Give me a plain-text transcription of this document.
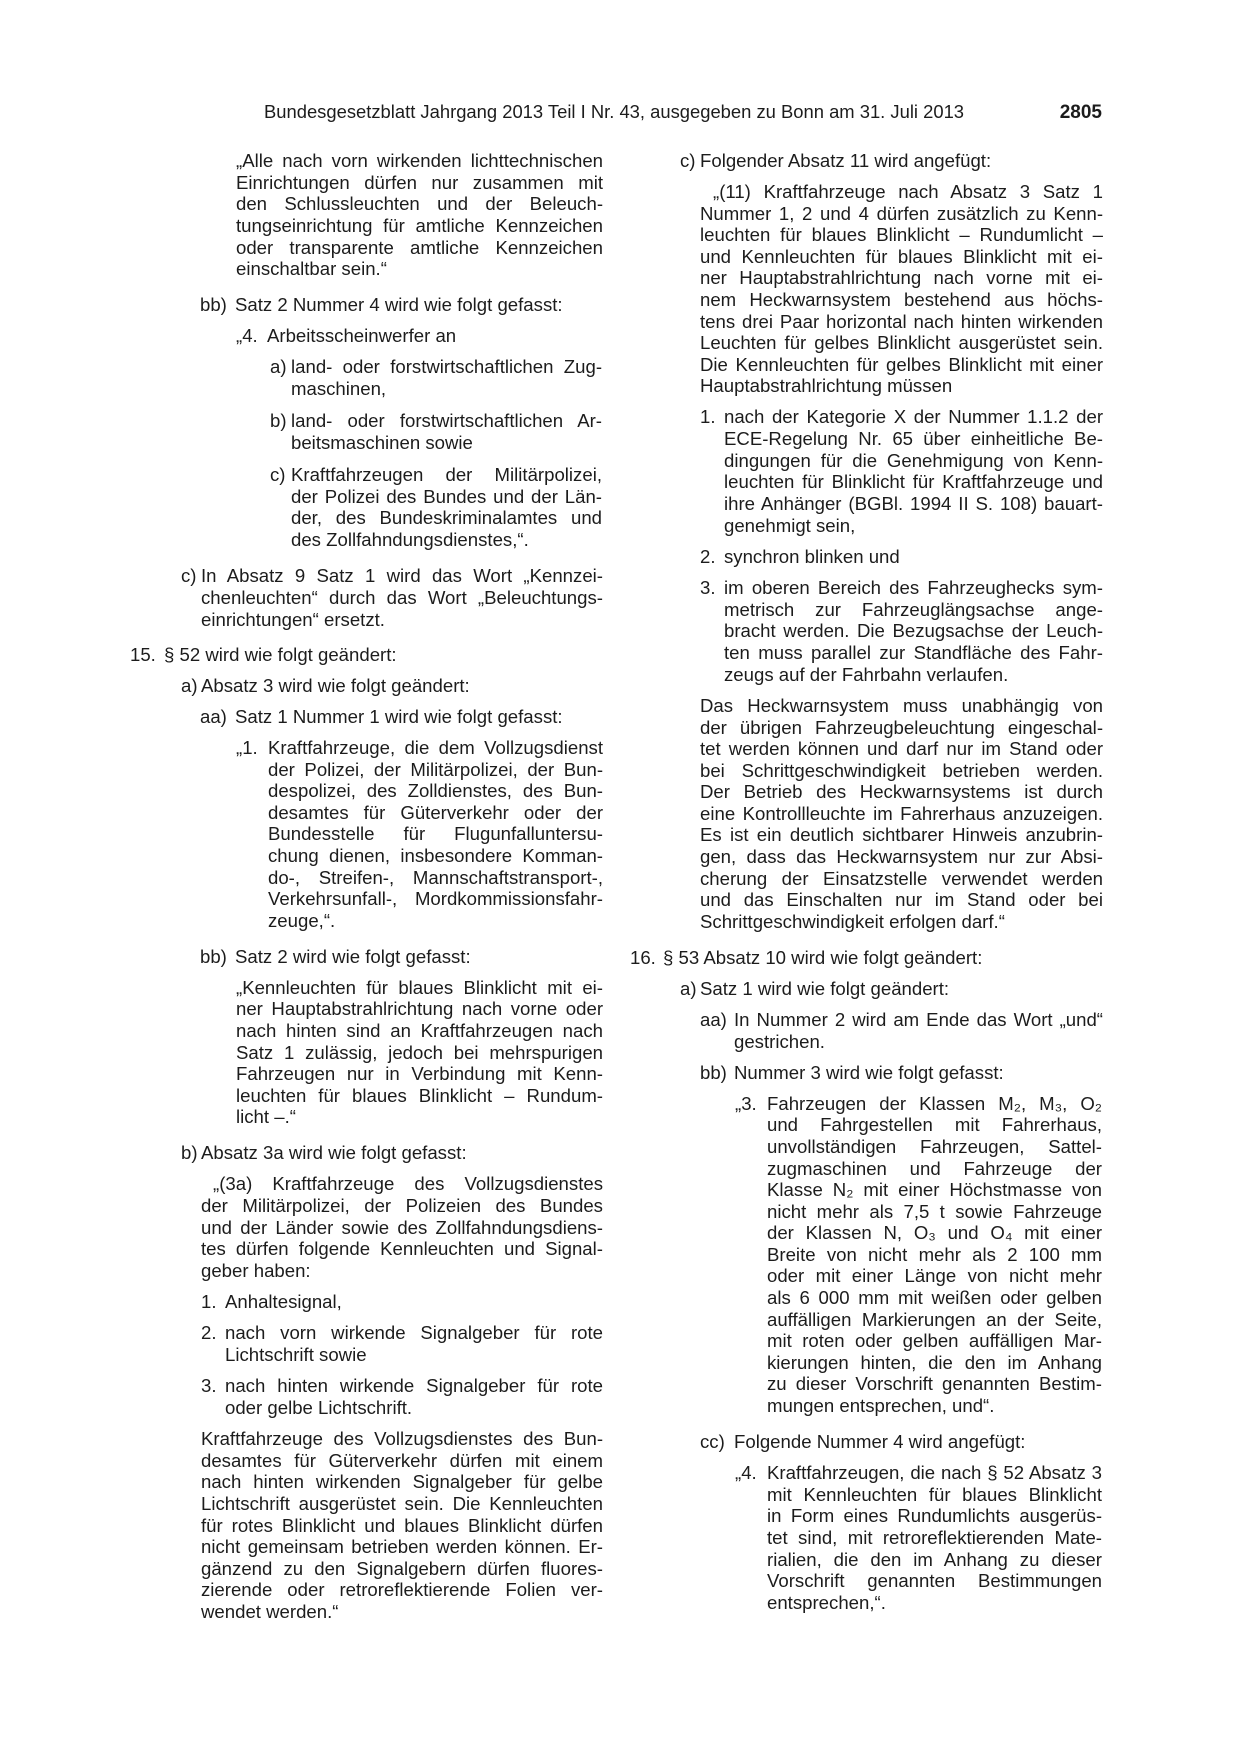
Bundesgesetzblatt Jahrgang 2013 Teil I Nr. 43, ausgegeben zu Bonn am 31. Juli 2013	2805
„Alle nach vorn wirkenden lichttechnischen
Einrichtungen dürfen nur zusammen mit
den Schlussleuchten und der Beleuch-
tungseinrichtung für amtliche Kennzeichen
oder transparente amtliche Kennzeichen
einschaltbar sein.“
bb) Satz 2 Nummer 4 wird wie folgt gefasst:
„4. Arbeitsscheinwerfer an
a) land- oder forstwirtschaftlichen Zug-
maschinen,
b) land- oder forstwirtschaftlichen Ar-
beitsmaschinen sowie
c) Kraftfahrzeugen der Militärpolizei,
der Polizei des Bundes und der Län-
der, des Bundeskriminalamtes und
des Zollfahndungsdienstes,“.
c) In Absatz 9 Satz 1 wird das Wort „Kennzei-
chenleuchten“ durch das Wort „Beleuchtungs-
einrichtungen“ ersetzt.
15. § 52 wird wie folgt geändert:
a) Absatz 3 wird wie folgt geändert:
aa) Satz 1 Nummer 1 wird wie folgt gefasst:
„1. Kraftfahrzeuge, die dem Vollzugsdienst
der Polizei, der Militärpolizei, der Bun-
despolizei, des Zolldienstes, des Bun-
desamtes für Güterverkehr oder der
Bundesstelle für Flugunfalluntersu-
chung dienen, insbesondere Komman-
do-, Streifen-, Mannschaftstransport-,
Verkehrsunfall-, Mordkommissionsfahr-
zeuge,“.
bb) Satz 2 wird wie folgt gefasst:
„Kennleuchten für blaues Blinklicht mit ei-
ner Hauptabstrahlrichtung nach vorne oder
nach hinten sind an Kraftfahrzeugen nach
Satz 1 zulässig, jedoch bei mehrspurigen
Fahrzeugen nur in Verbindung mit Kenn-
leuchten für blaues Blinklicht – Rundum-
licht –.“
b) Absatz 3a wird wie folgt gefasst:
„(3a) Kraftfahrzeuge des Vollzugsdienstes
der Militärpolizei, der Polizeien des Bundes
und der Länder sowie des Zollfahndungsdiens-
tes dürfen folgende Kennleuchten und Signal-
geber haben:
1. Anhaltesignal,
2. nach vorn wirkende Signalgeber für rote
Lichtschrift sowie
3. nach hinten wirkende Signalgeber für rote
oder gelbe Lichtschrift.
Kraftfahrzeuge des Vollzugsdienstes des Bun-
desamtes für Güterverkehr dürfen mit einem
nach hinten wirkenden Signalgeber für gelbe
Lichtschrift ausgerüstet sein. Die Kennleuchten
für rotes Blinklicht und blaues Blinklicht dürfen
nicht gemeinsam betrieben werden können. Er-
gänzend zu den Signalgebern dürfen fluores-
zierende oder retroreflektierende Folien ver-
wendet werden.“
c) Folgender Absatz 11 wird angefügt:
„(11) Kraftfahrzeuge nach Absatz 3 Satz 1
Nummer 1, 2 und 4 dürfen zusätzlich zu Kenn-
leuchten für blaues Blinklicht – Rundumlicht –
und Kennleuchten für blaues Blinklicht mit ei-
ner Hauptabstrahlrichtung nach vorne mit ei-
nem Heckwarnsystem bestehend aus höchs-
tens drei Paar horizontal nach hinten wirkenden
Leuchten für gelbes Blinklicht ausgerüstet sein.
Die Kennleuchten für gelbes Blinklicht mit einer
Hauptabstrahlrichtung müssen
1. nach der Kategorie X der Nummer 1.1.2 der
ECE-Regelung Nr. 65 über einheitliche Be-
dingungen für die Genehmigung von Kenn-
leuchten für Blinklicht für Kraftfahrzeuge und
ihre Anhänger (BGBl. 1994 II S. 108) bauart-
genehmigt sein,
2. synchron blinken und
3. im oberen Bereich des Fahrzeughecks sym-
metrisch zur Fahrzeuglängsachse ange-
bracht werden. Die Bezugsachse der Leuch-
ten muss parallel zur Standfläche des Fahr-
zeugs auf der Fahrbahn verlaufen.
Das Heckwarnsystem muss unabhängig von
der übrigen Fahrzeugbeleuchtung eingeschal-
tet werden können und darf nur im Stand oder
bei Schrittgeschwindigkeit betrieben werden.
Der Betrieb des Heckwarnsystems ist durch
eine Kontrollleuchte im Fahrerhaus anzuzeigen.
Es ist ein deutlich sichtbarer Hinweis anzubrin-
gen, dass das Heckwarnsystem nur zur Absi-
cherung der Einsatzstelle verwendet werden
und das Einschalten nur im Stand oder bei
Schrittgeschwindigkeit erfolgen darf.“
16. § 53 Absatz 10 wird wie folgt geändert:
a) Satz 1 wird wie folgt geändert:
aa) In Nummer 2 wird am Ende das Wort „und“
gestrichen.
bb) Nummer 3 wird wie folgt gefasst:
„3. Fahrzeugen der Klassen M₂, M₃, O₂
und Fahrgestellen mit Fahrerhaus,
unvollständigen Fahrzeugen, Sattel-
zugmaschinen und Fahrzeuge der
Klasse N₂ mit einer Höchstmasse von
nicht mehr als 7,5 t sowie Fahrzeuge
der Klassen N, O₃ und O₄ mit einer
Breite von nicht mehr als 2 100 mm
oder mit einer Länge von nicht mehr
als 6 000 mm mit weißen oder gelben
auffälligen Markierungen an der Seite,
mit roten oder gelben auffälligen Mar-
kierungen hinten, die den im Anhang
zu dieser Vorschrift genannten Bestim-
mungen entsprechen, und“.
cc) Folgende Nummer 4 wird angefügt:
„4. Kraftfahrzeugen, die nach § 52 Absatz 3
mit Kennleuchten für blaues Blinklicht
in Form eines Rundumlichts ausgerüs-
tet sind, mit retroreflektierenden Mate-
rialien, die den im Anhang zu dieser
Vorschrift genannten Bestimmungen
entsprechen,“.
